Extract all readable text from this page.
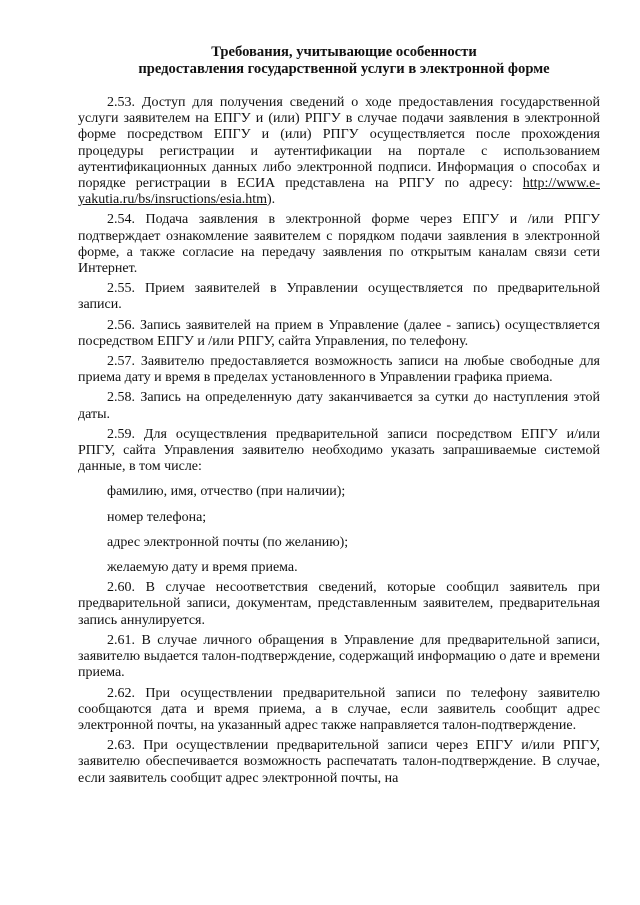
Требования, учитывающие особенности
предоставления государственной услуги в электронной форме

2.53. Доступ для получения сведений о ходе предоставления государственной услуги заявителем на ЕПГУ и (или) РПГУ в случае подачи заявления в электронной форме посредством ЕПГУ и (или) РПГУ осуществляется после прохождения процедуры регистрации и аутентификации на портале с использованием аутентификационных данных либо электронной подписи. Информация о способах и порядке регистрации в ЕСИА представлена на РПГУ по адресу: http://www.e-yakutia.ru/bs/insructions/esia.htm).

2.54. Подача заявления в электронной форме через ЕПГУ и /или РПГУ подтверждает ознакомление заявителем с порядком подачи заявления в электронной форме, а также согласие на передачу заявления по открытым каналам связи сети Интернет.

2.55. Прием заявителей в Управлении осуществляется по предварительной записи.

2.56. Запись заявителей на прием в Управление (далее - запись) осуществляется посредством ЕПГУ и /или РПГУ, сайта Управления, по телефону.

2.57. Заявителю предоставляется возможность записи на любые свободные для приема дату и время в пределах установленного в Управлении графика приема.

2.58. Запись на определенную дату заканчивается за сутки до наступления этой даты.

2.59. Для осуществления предварительной записи посредством ЕПГУ и/или РПГУ, сайта Управления заявителю необходимо указать запрашиваемые системой данные, в том числе:

фамилию, имя, отчество (при наличии);

номер телефона;

адрес электронной почты (по желанию);

желаемую дату и время приема.

2.60. В случае несоответствия сведений, которые сообщил заявитель при предварительной записи, документам, представленным заявителем, предварительная запись аннулируется.

2.61. В случае личного обращения в Управление для предварительной записи, заявителю выдается талон-подтверждение, содержащий информацию о дате и времени приема.

2.62. При осуществлении предварительной записи по телефону заявителю сообщаются дата и время приема, а в случае, если заявитель сообщит адрес электронной почты, на указанный адрес также направляется талон-подтверждение.

2.63. При осуществлении предварительной записи через ЕПГУ и/или РПГУ, заявителю обеспечивается возможность распечатать талон-подтверждение. В случае, если заявитель сообщит адрес электронной почты, на
